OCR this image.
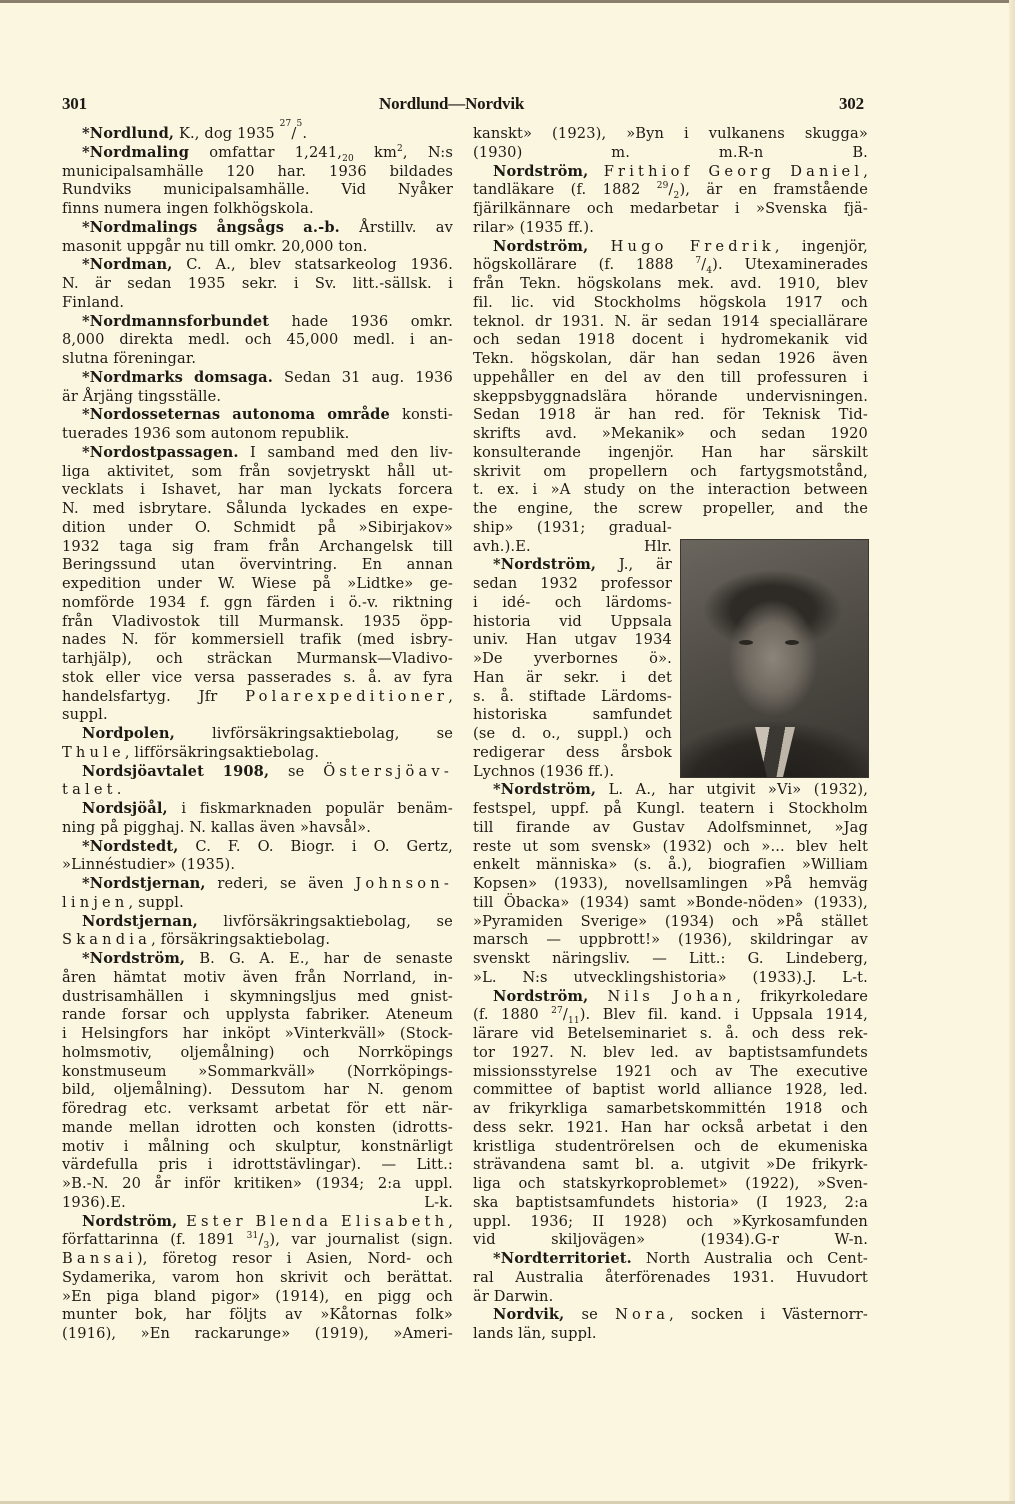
301	Nordlund—Nordvik	302
*Nordlund, K., dog 1935
27
/
5
.
*Nordmaling omfattar $1,241,_{20}$ $km^2$, N:s
municipalsamhälle 120 har. 1936 bildades
Rundviks municipalsamhälle. Vid Nyåker
finns numera ingen folkhögskola.
*Nordmalings ångsågs a.-b. Årstillv. av
masonit uppgår nu till omkr. 20,000 ton.
*Nordman, C. A., blev statsarkeolog 1936.
N. är sedan 1935 sekr. i Sv. litt.-sällsk. i
Finland.
*Nordmannsforbundet hade 1936 omkr.
8,000 direkta medl. och 45,000 medl. i an-
slutna föreningar.
*Nordmarks domsaga. Sedan 31 aug. 1936
är Årjäng tingsställe.
*Nordosseternas autonoma område konsti-
tuerades 1936 som autonom republik.
*Nordostpassagen. I samband med den liv-
liga aktivitet, som från sovjetryskt håll ut-
vecklats i Ishavet, har man lyckats forcera
N. med isbrytare. Sålunda lyckades en expe-
dition under O. Schmidt på »Sibirjakov»
1932 taga sig fram från Archangelsk till
Beringssund utan övervintring. En annan
expedition under W. Wiese på »Lidtke» ge-
nomförde 1934 f. ggn färden i ö.-v. riktning
från Vladivostok till Murmansk. 1935 öpp-
nades N. för kommersiell trafik (med isbry-
tarhjälp), och sträckan Murmansk—Vladivo-
stok eller vice versa passerades s. å. av fyra
handelsfartyg. Jfr Polarexpeditioner,
suppl.
Nordpolen,	livförsäkringsaktiebolag,	se
Thule , lifförsäkringsaktiebolag.
Nordsjöavtalet 1908, se Östersjöav-
talet .
Nordsjöål, i fiskmarknaden populär benäm-
ning på pigghaj. N. kallas även »havsål».
*Nordstedt, C. F. O. Biogr. i O. Gertz,
»Linnéstudier» (1935).
*Nordstjernan, rederi, se även Johnson-
linjen , suppl.
Nordstjernan, livförsäkringsaktiebolag, se
Skandia , försäkringsaktiebolag.
*Nordström, B. G. A. E., har de senaste
åren hämtat motiv även från Norrland, in-
dustrisamhällen i skymningsljus med gnist-
rande forsar och upplysta fabriker. Ateneum
i Helsingfors har inköpt »Vinterkväll» (Stock-
holmsmotiv, oljemålning) och Norrköpings
konstmuseum »Sommarkväll» (Norrköpings-
bild, oljemålning). Dessutom har N. genom
föredrag etc. verksamt arbetat för ett när-
mande mellan idrotten och konsten (idrotts-
motiv i målning och skulptur, konstnärligt
värdefulla pris i idrottstävlingar). — Litt.:
»B.-N. 20 år inför kritiken» (1934; 2:a uppl.
1936).E.	L-k.
Nordström, Ester Blenda Elisabeth,
författarinna (f. 1891 $^{31}/_3$), var journalist (sign.
Bansai), företog resor i Asien, Nord- och
Sydamerika, varom hon skrivit och berättat.
»En piga bland pigor» (1914), en pigg och
munter bok, har följts av »Kåtornas folk»
(1916), »En rackarunge» (1919), »Ameri-
kanskt» (1923), »Byn i vulkanens skugga»
(1930)	m.	m.R-n	B.
Nordström, Frithiof Georg Daniel,
tandläkare (f. 1882 $^{29}/_2$), är en framstående
fjärilkännare och medarbetar i »Svenska fjä-
rilar» (1935 ff.).
Nordström, Hugo Fredrik, ingenjör,
högskollärare (f. 1888 $^7/_4$). Utexaminerades
från Tekn. högskolans mek. avd. 1910, blev
fil. lic. vid Stockholms högskola 1917 och
teknol. dr 1931. N. är sedan 1914 speciallärare
och sedan 1918 docent i hydromekanik vid
Tekn. högskolan, där han sedan 1926 även
uppehåller en del av den till professuren i
skeppsbyggnadslära hörande undervisningen.
Sedan 1918 är han red. för Teknisk Tid-
skrifts avd. »Mekanik» och sedan 1920
konsulterande ingenjör. Han har särskilt
skrivit om propellern och fartygsmotstånd,
t. ex. i »A study on the interaction between
the engine, the screw propeller, and the
ship» (1931; gradual-
avh.).E.	Hlr.
*Nordström, J., är
sedan 1932 professor
i idé- och lärdoms-
historia vid Uppsala
univ. Han utgav 1934
»De yverbornes ö».
Han är sekr. i det
s. å. stiftade Lärdoms-
historiska	samfundet
(se d. o., suppl.) och
redigerar dess årsbok
Lychnos (1936 ff.).
*Nordström, L. A., har utgivit »Vi» (1932),
festspel, uppf. på Kungl. teatern i Stockholm
till firande av Gustav Adolfsminnet, »Jag
reste ut som svensk» (1932) och »... blev helt
enkelt människa» (s. å.), biografien »William
Kopsen» (1933), novellsamlingen »På hemväg
till Öbacka» (1934) samt »Bonde-nöden» (1933),
»Pyramiden Sverige» (1934) och »På stället
marsch — uppbrott!» (1936), skildringar av
svenskt näringsliv. — Litt.: G. Lindeberg,
»L. N:s utvecklingshistoria» (1933).J. L-t.
Nordström, Nils Johan, frikyrkoledare
(f. 1880 $^{27}/_{11}$). Blev fil. kand. i Uppsala 1914,
lärare vid Betelseminariet s. å. och dess rek-
tor 1927. N. blev led. av baptistsamfundets
missionsstyrelse 1921 och av The executive
committee of baptist world alliance 1928, led.
av frikyrkliga samarbetskommittén 1918 och
dess sekr. 1921. Han har också arbetat i den
kristliga studentrörelsen och de ekumeniska
strävandena samt bl. a. utgivit »De frikyrk-
liga och statskyrkoproblemet» (1922), »Sven-
ska baptistsamfundets historia» (I 1923, 2:a
uppl. 1936; II 1928) och »Kyrkosamfunden
vid	skiljovägen»	(1934).G-r	W-n.
*Nordterritoriet. North Australia och Cent-
ral Australia återförenades 1931. Huvudort
är Darwin.
Nordvik, se Nora, socken i Västernorr-
lands län, suppl.
